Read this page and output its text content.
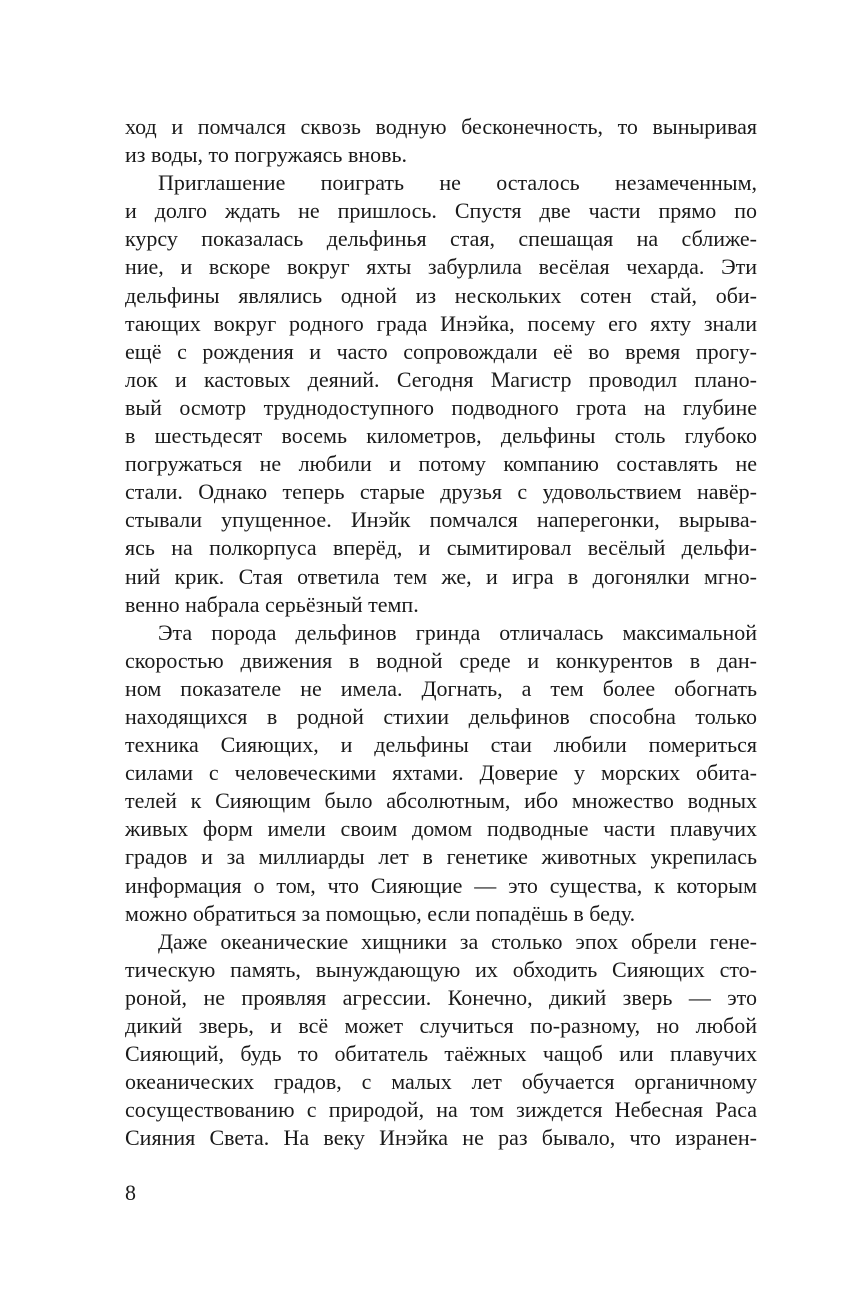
ход и помчался сквозь водную бесконечность, то выныривая
из воды, то погружаясь вновь.
Приглашение поиграть не осталось незамеченным,
и долго ждать не пришлось. Спустя две части прямо по
курсу показалась дельфинья стая, спешащая на сближе-
ние, и вскоре вокруг яхты забурлила весёлая чехарда. Эти
дельфины являлись одной из нескольких сотен стай, оби-
тающих вокруг родного града Инэйка, посему его яхту знали
ещё с рождения и часто сопровождали её во время прогу-
лок и кастовых деяний. Сегодня Магистр проводил плано-
вый осмотр труднодоступного подводного грота на глубине
в шестьдесят восемь километров, дельфины столь глубоко
погружаться не любили и потому компанию составлять не
стали. Однако теперь старые друзья с удовольствием навёр-
стывали упущенное. Инэйк помчался наперегонки, вырыва-
ясь на полкорпуса вперёд, и сымитировал весёлый дельфи-
ний крик. Стая ответила тем же, и игра в догонялки мгно-
венно набрала серьёзный темп.
Эта порода дельфинов гринда отличалась максимальной
скоростью движения в водной среде и конкурентов в дан-
ном показателе не имела. Догнать, а тем более обогнать
находящихся в родной стихии дельфинов способна только
техника Сияющих, и дельфины стаи любили помериться
силами с человеческими яхтами. Доверие у морских обита-
телей к Сияющим было абсолютным, ибо множество водных
живых форм имели своим домом подводные части плавучих
градов и за миллиарды лет в генетике животных укрепилась
информация о том, что Сияющие — это существа, к которым
можно обратиться за помощью, если попадёшь в беду.
Даже океанические хищники за столько эпох обрели гене-
тическую память, вынуждающую их обходить Сияющих сто-
роной, не проявляя агрессии. Конечно, дикий зверь — это
дикий зверь, и всё может случиться по-разному, но любой
Сияющий, будь то обитатель таёжных чащоб или плавучих
океанических градов, с малых лет обучается органичному
сосуществованию с природой, на том зиждется Небесная Раса
Сияния Света. На веку Инэйка не раз бывало, что изранен-
8
